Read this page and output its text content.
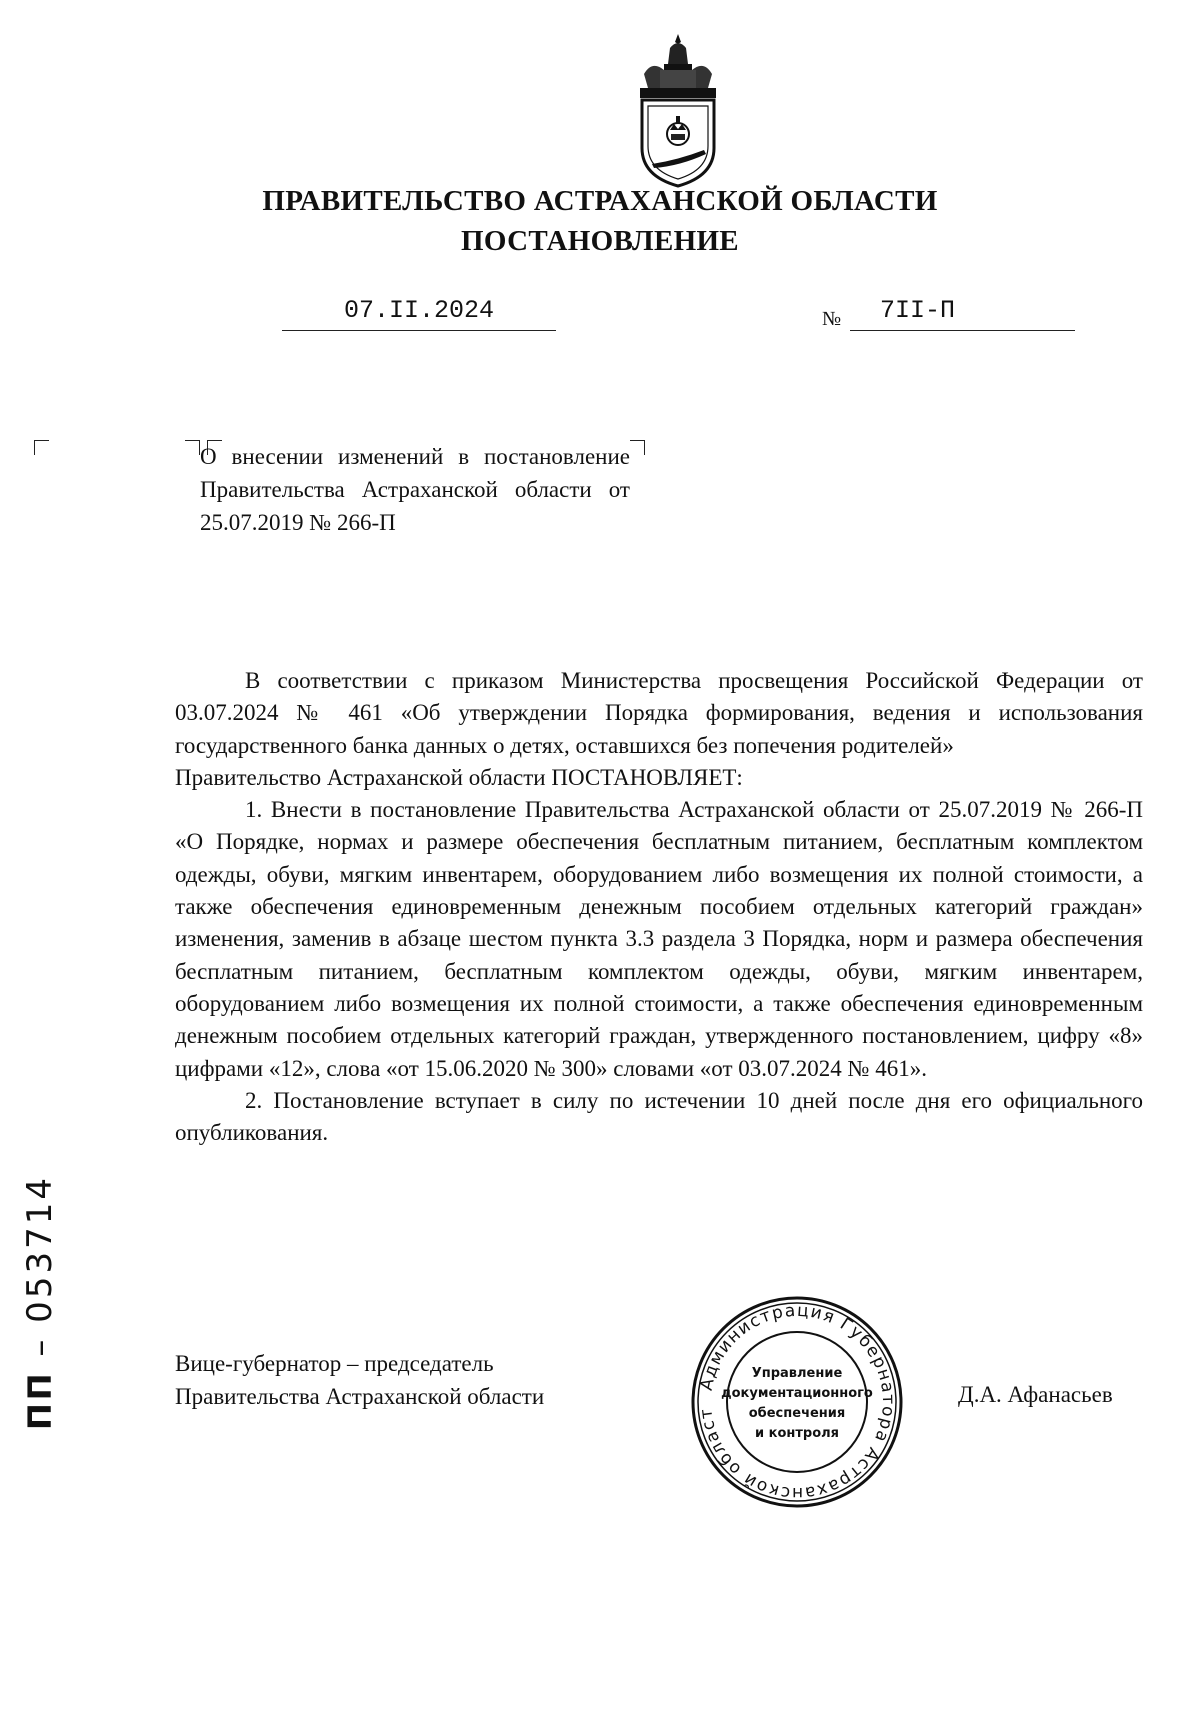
ПРАВИТЕЛЬСТВО АСТРАХАНСКОЙ ОБЛАСТИ
ПОСТАНОВЛЕНИЕ
07.II.2024	№ 7II-П
О внесении изменений в постановление Правительства Астраханской области от 25.07.2019 № 266-П

В соответствии с приказом Министерства просвещения Российской Федерации от 03.07.2024 № 461 «Об утверждении Порядка формирования, ведения и использования государственного банка данных о детях, оставшихся без попечения родителей»

Правительство Астраханской области ПОСТАНОВЛЯЕТ:

1. Внести в постановление Правительства Астраханской области от 25.07.2019 № 266-П «О Порядке, нормах и размере обеспечения бесплатным питанием, бесплатным комплектом одежды, обуви, мягким инвентарем, оборудованием либо возмещения их полной стоимости, а также обеспечения единовременным денежным пособием отдельных категорий граждан» изменения, заменив в абзаце шестом пункта 3.3 раздела 3 Порядка, норм и размера обеспечения бесплатным питанием, бесплатным комплектом одежды, обуви, мягким инвентарем, оборудованием либо возмещения их полной стоимости, а также обеспечения единовременным денежным пособием отдельных категорий граждан, утвержденного постановлением, цифру «8» цифрами «12», слова «от 15.06.2020 № 300» словами «от 03.07.2024 № 461».

2. Постановление вступает в силу по истечении 10 дней после дня его официального опубликования.

Вице-губернатор – председатель
Правительства Астраханской области
Администрация Губернатора Астраханской област
Управление
документационного
обеспечения
и контроля
Д.А. Афанасьев
ПП – 053714
